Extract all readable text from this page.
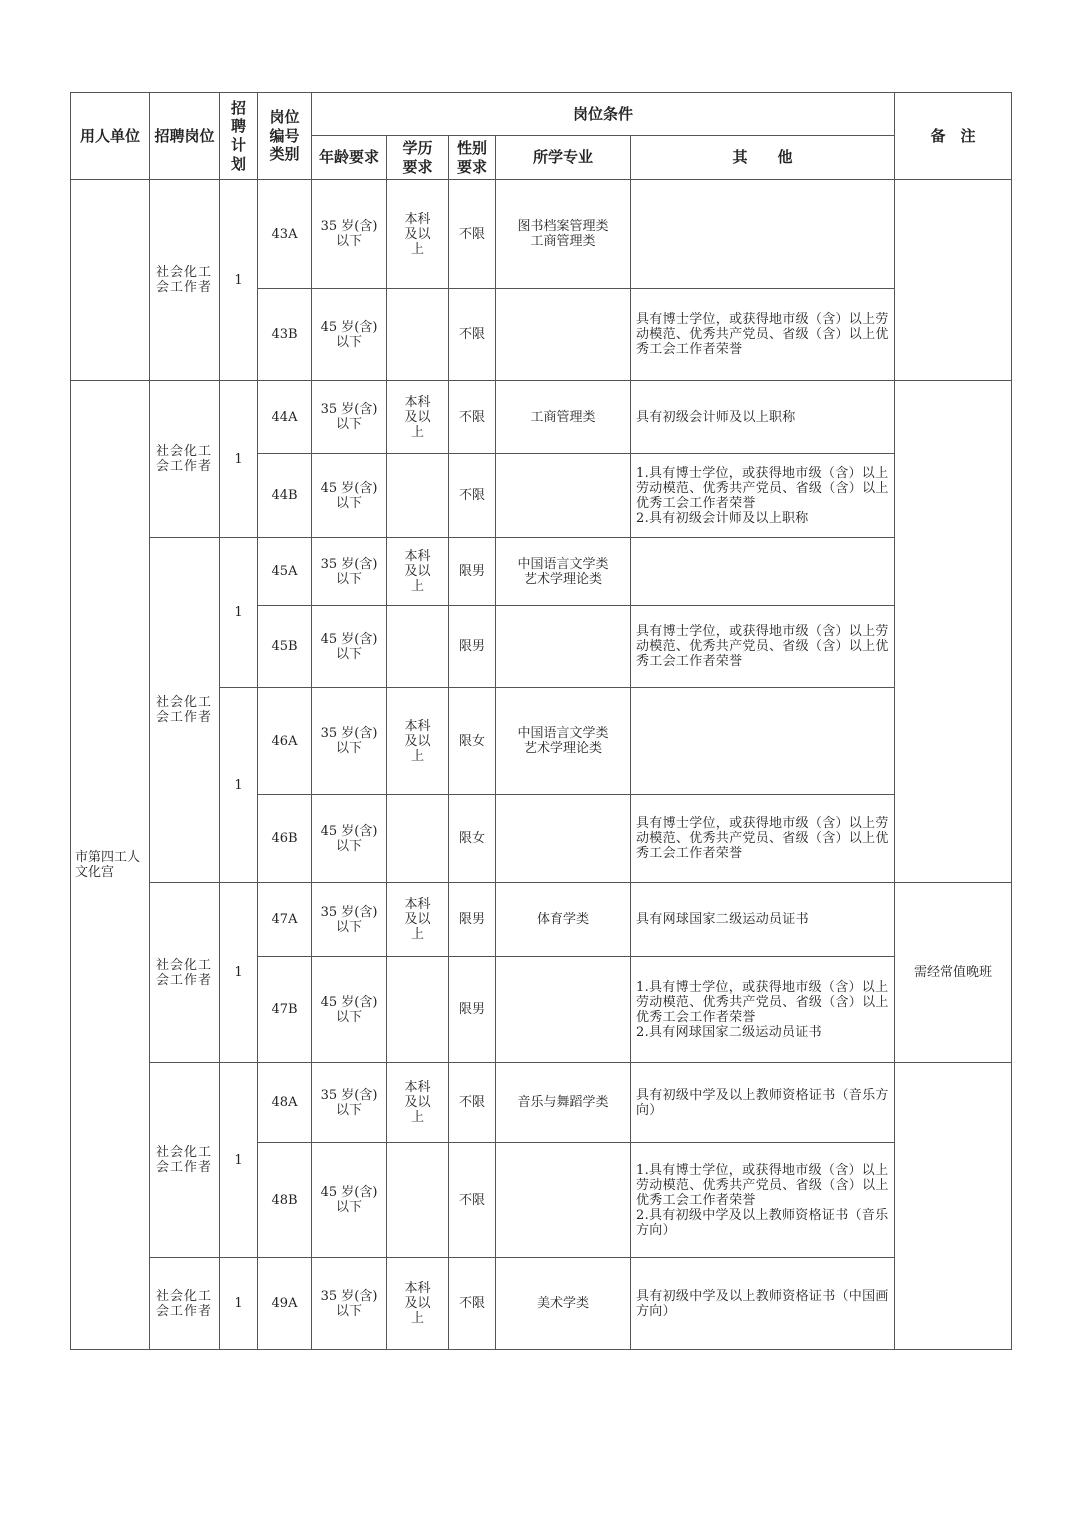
用人单位	招聘岗位	招聘计划	岗位编号类别	岗位条件					备　注
				年龄要求	学历要求	性别要求	所学专业	其　　他	
	社会化工会工作者	1	43A	35 岁(含)以下	本科及以上	不限	图书档案管理类
工商管理类		
			43B	45 岁(含)以下		不限		具有博士学位，或获得地市级（含）以上劳动模范、优秀共产党员、省级（含）以上优秀工会工作者荣誉	
市第四工人文化宫	社会化工会工作者	1	44A	35 岁(含)以下	本科及以上	不限	工商管理类	具有初级会计师及以上职称	
			44B	45 岁(含)以下		不限		1.具有博士学位，或获得地市级（含）以上劳动模范、优秀共产党员、省级（含）以上优秀工会工作者荣誉
2.具有初级会计师及以上职称	
	社会化工会工作者	1	45A	35 岁(含)以下	本科及以上	限男	中国语言文学类
艺术学理论类		
			45B	45 岁(含)以下		限男		具有博士学位，或获得地市级（含）以上劳动模范、优秀共产党员、省级（含）以上优秀工会工作者荣誉	
		1	46A	35 岁(含)以下	本科及以上	限女	中国语言文学类
艺术学理论类		
			46B	45 岁(含)以下		限女		具有博士学位，或获得地市级（含）以上劳动模范、优秀共产党员、省级（含）以上优秀工会工作者荣誉	
	社会化工会工作者	1	47A	35 岁(含)以下	本科及以上	限男	体育学类	具有网球国家二级运动员证书	需经常值晚班
			47B	45 岁(含)以下		限男		1.具有博士学位，或获得地市级（含）以上劳动模范、优秀共产党员、省级（含）以上优秀工会工作者荣誉
2.具有网球国家二级运动员证书	
	社会化工会工作者	1	48A	35 岁(含)以下	本科及以上	不限	音乐与舞蹈学类	具有初级中学及以上教师资格证书（音乐方向）	
			48B	45 岁(含)以下		不限		1.具有博士学位，或获得地市级（含）以上劳动模范、优秀共产党员、省级（含）以上优秀工会工作者荣誉
2.具有初级中学及以上教师资格证书（音乐方向）	
	社会化工会工作者	1	49A	35 岁(含)以下	本科及以上	不限	美术学类	具有初级中学及以上教师资格证书（中国画方向）	
